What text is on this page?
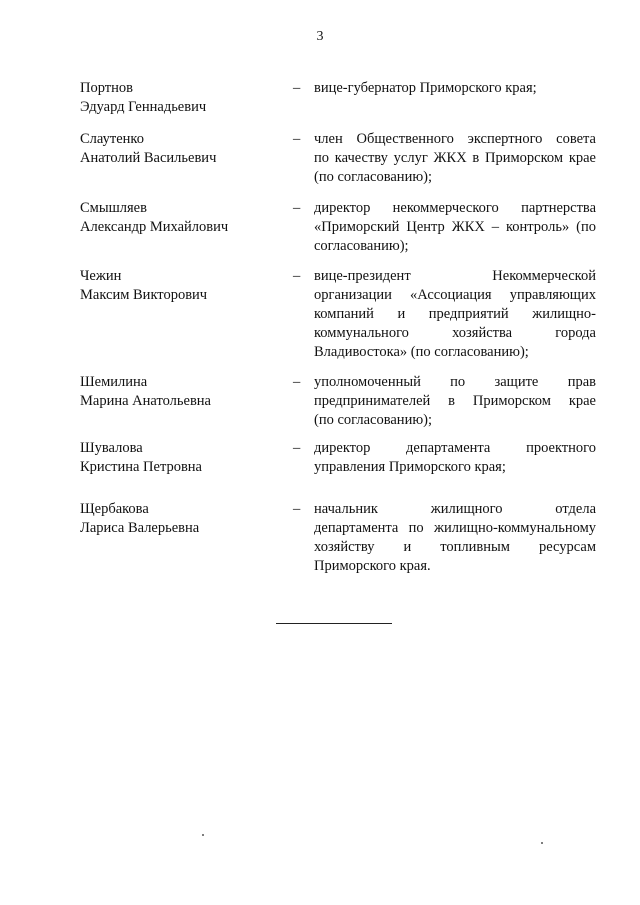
3
Портнов
Эдуард Геннадьевич
– вице-губернатор Приморского края;
Слаутенко
Анатолий Васильевич
– член Общественного экспертного совета
по качеству услуг ЖКХ в Приморском крае
(по согласованию);
Смышляев
Александр Михайлович
– директор некоммерческого партнерства
«Приморский Центр ЖКХ – контроль» (по
согласованию);
Чежин
Максим Викторович
– вице-президент Некоммерческой
организации «Ассоциация управляющих
компаний и предприятий жилищно-
коммунального хозяйства города
Владивостока» (по согласованию);
Шемилина
Марина Анатольевна
– уполномоченный по защите прав
предпринимателей в Приморском крае
(по согласованию);
Шувалова
Кристина Петровна
– директор департамента проектного
управления Приморского края;
Щербакова
Лариса Валерьевна
– начальник жилищного отдела
департамента по жилищно-коммунальному
хозяйству и топливным ресурсам
Приморского края.
